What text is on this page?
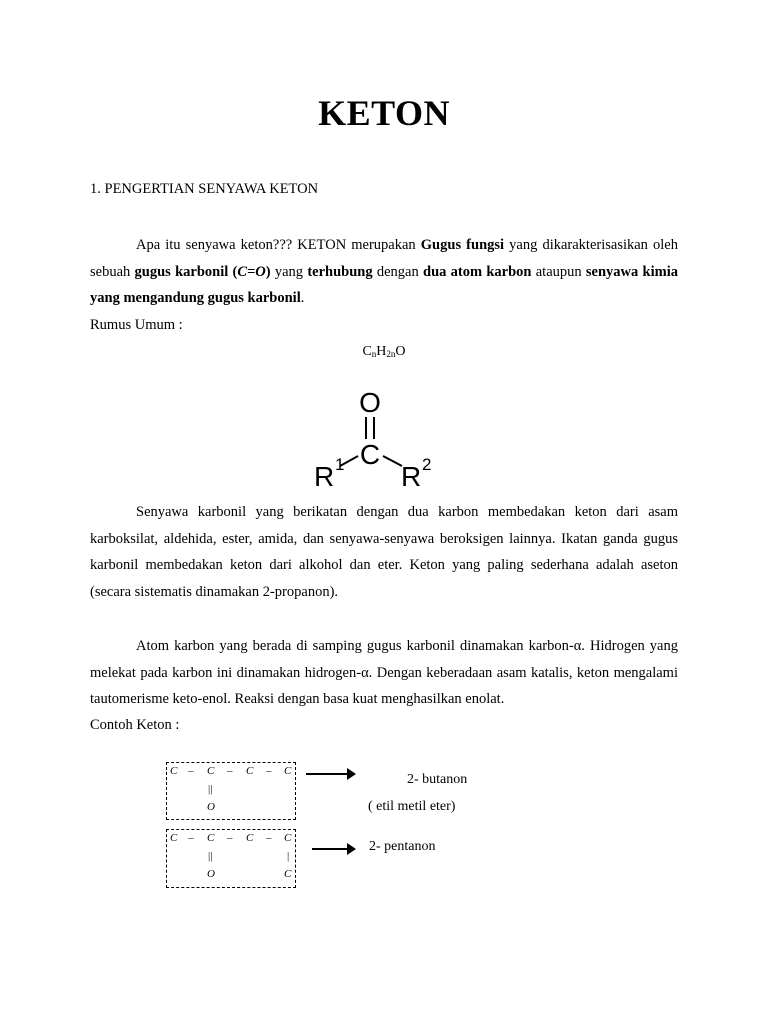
KETON
1. PENGERTIAN SENYAWA KETON
Apa itu senyawa keton??? KETON merupakan Gugus fungsi yang dikarakterisasikan oleh sebuah gugus karbonil (C=O) yang terhubung dengan dua atom karbon ataupun senyawa kimia yang mengandung gugus karbonil.
Rumus Umum :
$C_nH_{2n}O$
O
C
R 1 R 2
Senyawa karbonil yang berikatan dengan dua karbon membedakan keton dari asam karboksilat, aldehida, ester, amida, dan senyawa-senyawa beroksigen lainnya. Ikatan ganda gugus karbonil membedakan keton dari alkohol dan eter. Keton yang paling sederhana adalah aseton (secara sistematis dinamakan 2-propanon).
Atom karbon yang berada di samping gugus karbonil dinamakan karbon-α. Hidrogen yang melekat pada karbon ini dinamakan hidrogen-α. Dengan keberadaan asam katalis, keton mengalami tautomerisme keto-enol. Reaksi dengan basa kuat menghasilkan enolat.
Contoh Keton :
C – C – C – C
||
O
2- butanon
( etil metil eter)
C – C – C – C
||	|
O	C
2- pentanon
